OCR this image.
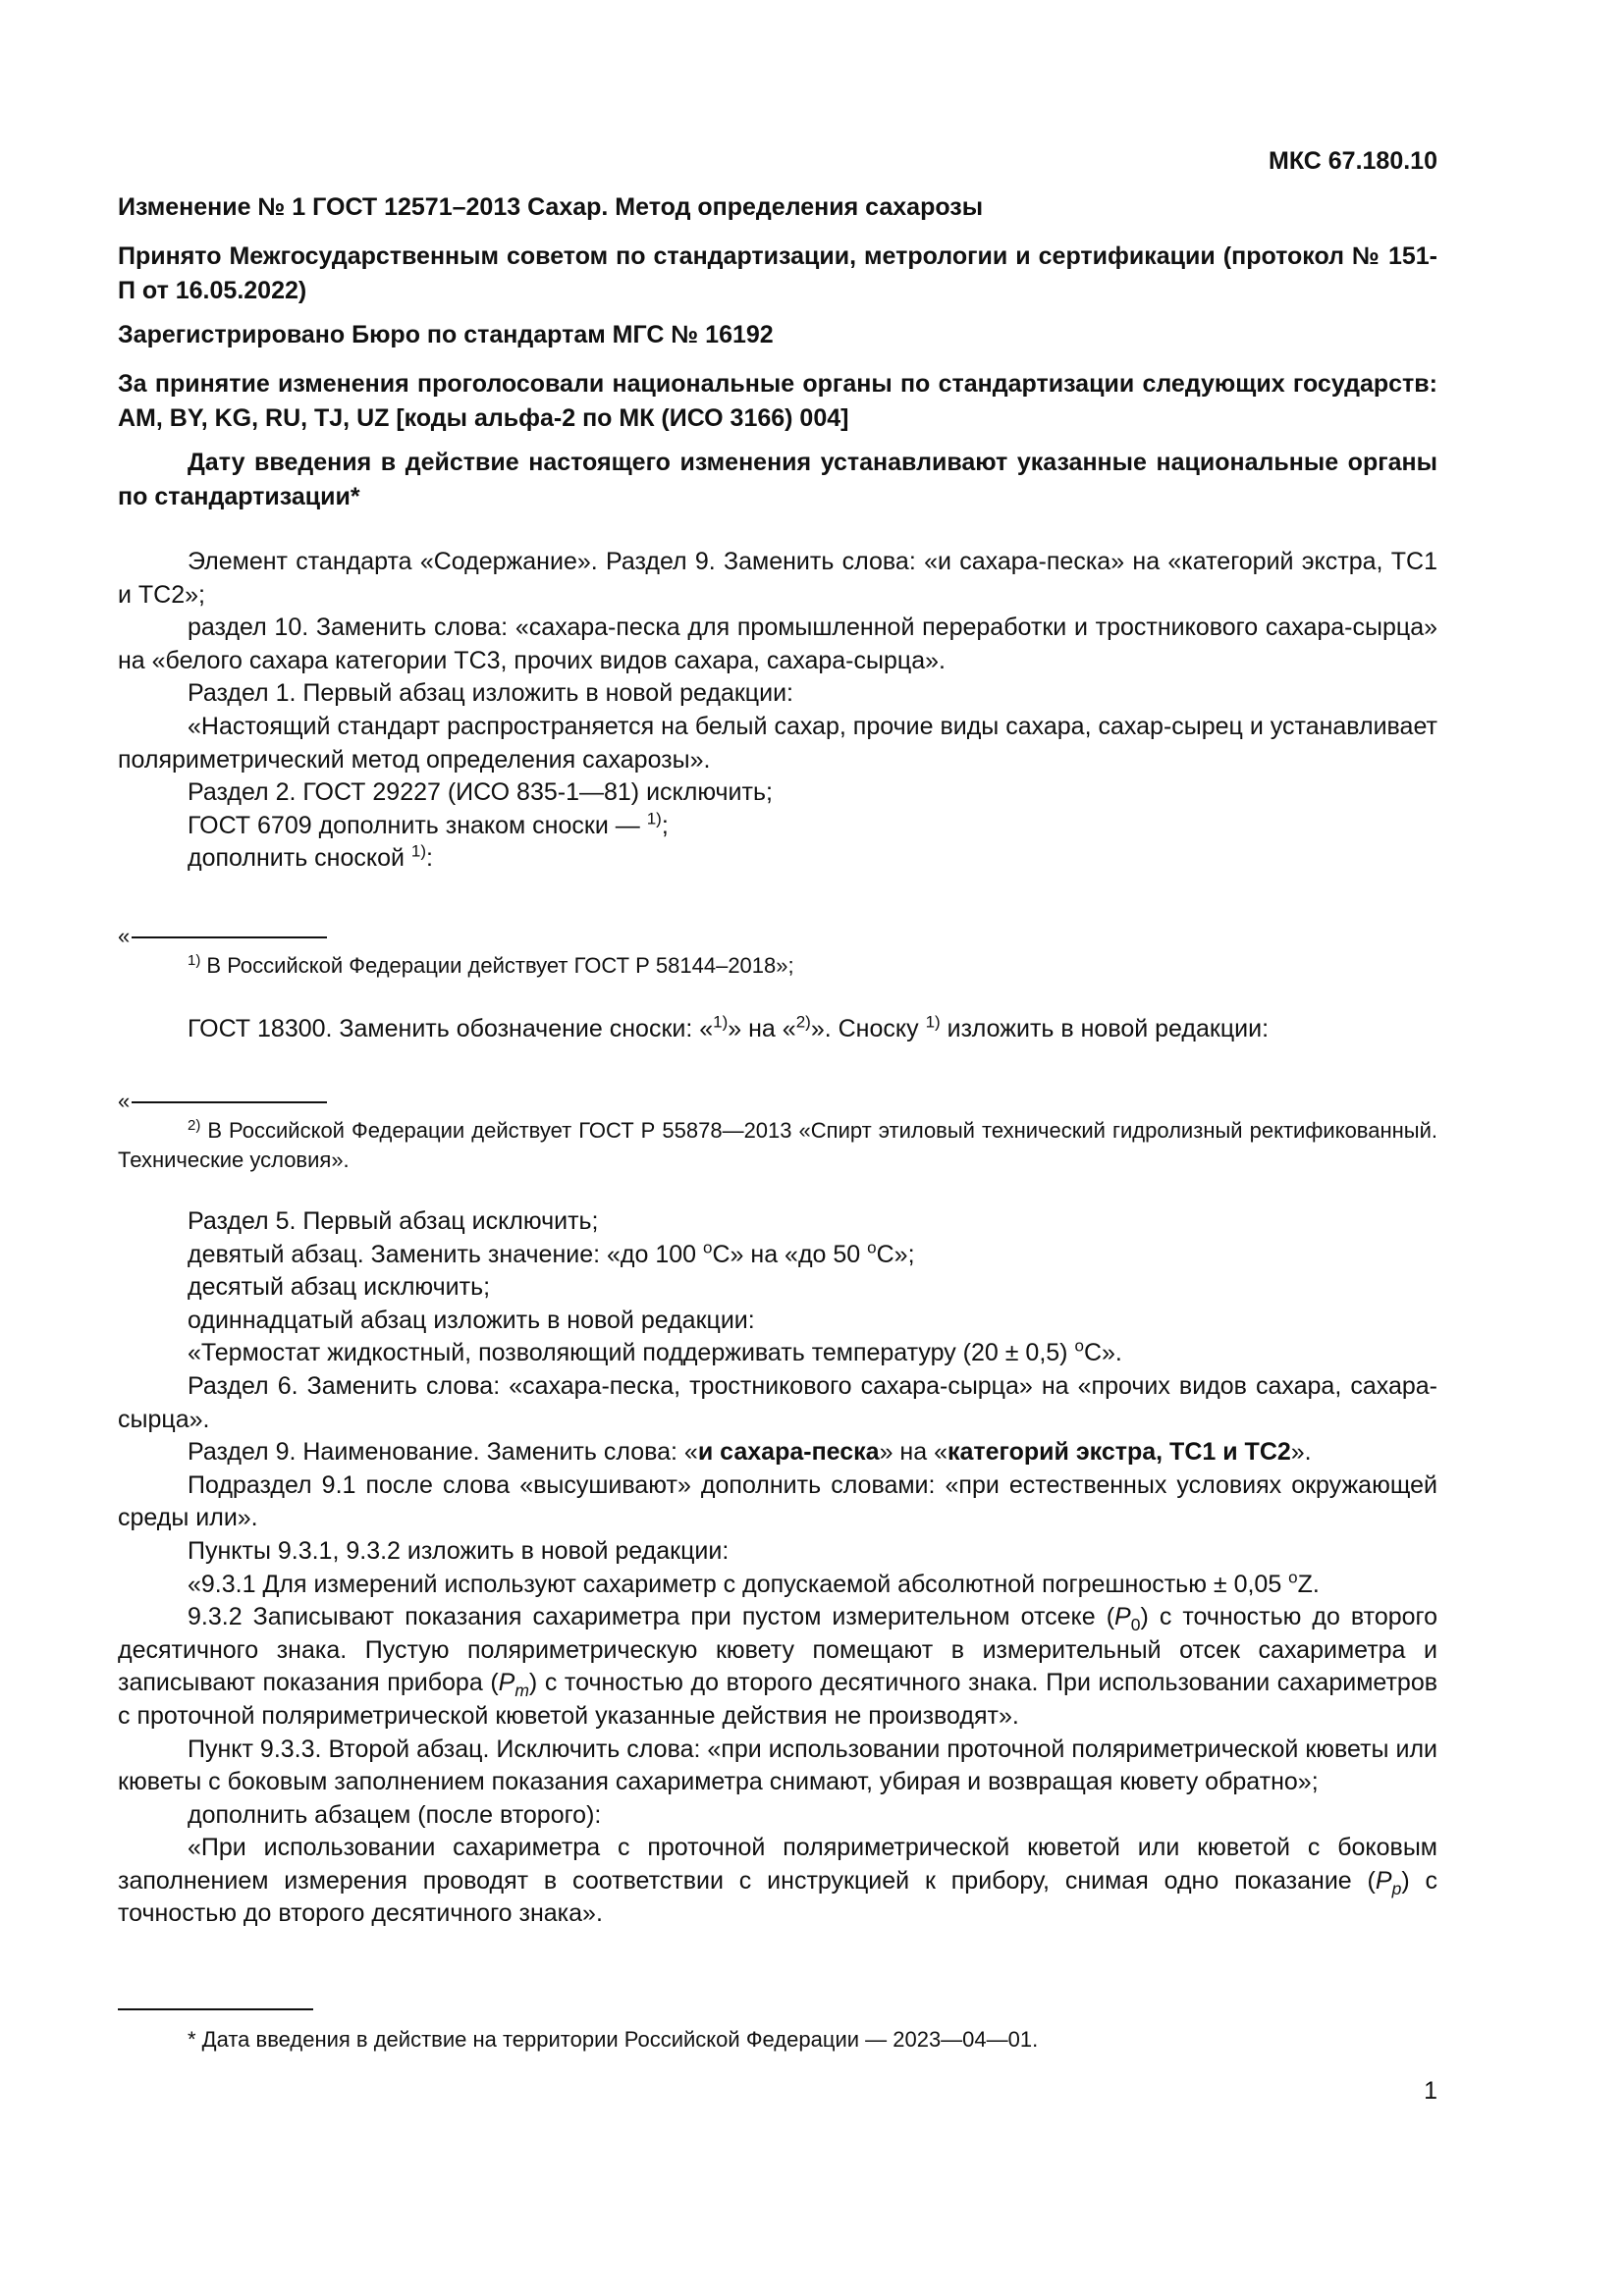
МКС 67.180.10
Изменение № 1 ГОСТ 12571–2013 Сахар. Метод определения сахарозы
Принято Межгосударственным советом по стандартизации, метрологии и сертификации (протокол № 151-П от 16.05.2022)
Зарегистрировано Бюро по стандартам МГС № 16192
За принятие изменения проголосовали национальные органы по стандартизации следующих государств: AM, BY, KG, RU, TJ, UZ [коды альфа-2 по МК (ИСО 3166) 004]
Дату введения в действие настоящего изменения устанавливают указанные национальные органы по стандартизации*

Элемент стандарта «Содержание». Раздел 9. Заменить слова: «и сахара-песка» на «категорий экстра, ТС1 и ТС2»;

раздел 10. Заменить слова: «сахара-песка для промышленной переработки и тростникового сахара-сырца» на «белого сахара категории ТС3, прочих видов сахара, сахара-сырца».

Раздел 1. Первый абзац изложить в новой редакции:

«Настоящий стандарт распространяется на белый сахар, прочие виды сахара, сахар-сырец и устанавливает поляриметрический метод определения сахарозы».

Раздел 2. ГОСТ 29227 (ИСО 835-1—81) исключить;

ГОСТ 6709 дополнить знаком сноски — $^{1)}$;

дополнить сноской $^{1)}$:

«

$^{1)}$ В Российской Федерации действует ГОСТ Р 58144–2018»;

ГОСТ 18300. Заменить обозначение сноски: «$^{1)}$» на «$^{2)}$». Сноску $^{1)}$ изложить в новой редакции:

«

$^{2)}$ В Российской Федерации действует ГОСТ Р 55878—2013 «Спирт этиловый технический гидролизный ректификованный. Технические условия».

Раздел 5. Первый абзац исключить;

девятый абзац. Заменить значение: «до 100 $^о$С» на «до 50 $^о$С»;

десятый абзац исключить;

одиннадцатый абзац изложить в новой редакции:

«Термостат жидкостный, позволяющий поддерживать температуру (20 ± 0,5) $^о$С».

Раздел 6. Заменить слова: «сахара-песка, тростникового сахара-сырца» на «прочих видов сахара, сахара-сырца».

Раздел 9. Наименование. Заменить слова: «и сахара-песка» на «категорий экстра, ТС1 и ТС2».

Подраздел 9.1 после слова «высушивают» дополнить словами: «при естественных условиях окружающей среды или».

Пункты 9.3.1, 9.3.2 изложить в новой редакции:

«9.3.1 Для измерений используют сахариметр с допускаемой абсолютной погрешностью ± 0,05 $^о$Z.

9.3.2 Записывают показания сахариметра при пустом измерительном отсеке $(P_0)$ с точностью до второго десятичного знака. Пустую поляриметрическую кювету помещают в измерительный отсек сахариметра и записывают показания прибора $(P_m)$ с точностью до второго десятичного знака. При использовании сахариметров с проточной поляриметрической кюветой указанные действия не производят».

Пункт 9.3.3. Второй абзац. Исключить слова: «при использовании проточной поляриметрической кюветы или кюветы с боковым заполнением показания сахариметра снимают, убирая и возвращая кювету обратно»;

дополнить абзацем (после второго):

«При использовании сахариметра с проточной поляриметрической кюветой или кюветой с боковым заполнением измерения проводят в соответствии с инструкцией к прибору, снимая одно показание $(P_p)$ с точностью до второго десятичного знака».

* Дата введения в действие на территории Российской Федерации — 2023—04—01.
1
